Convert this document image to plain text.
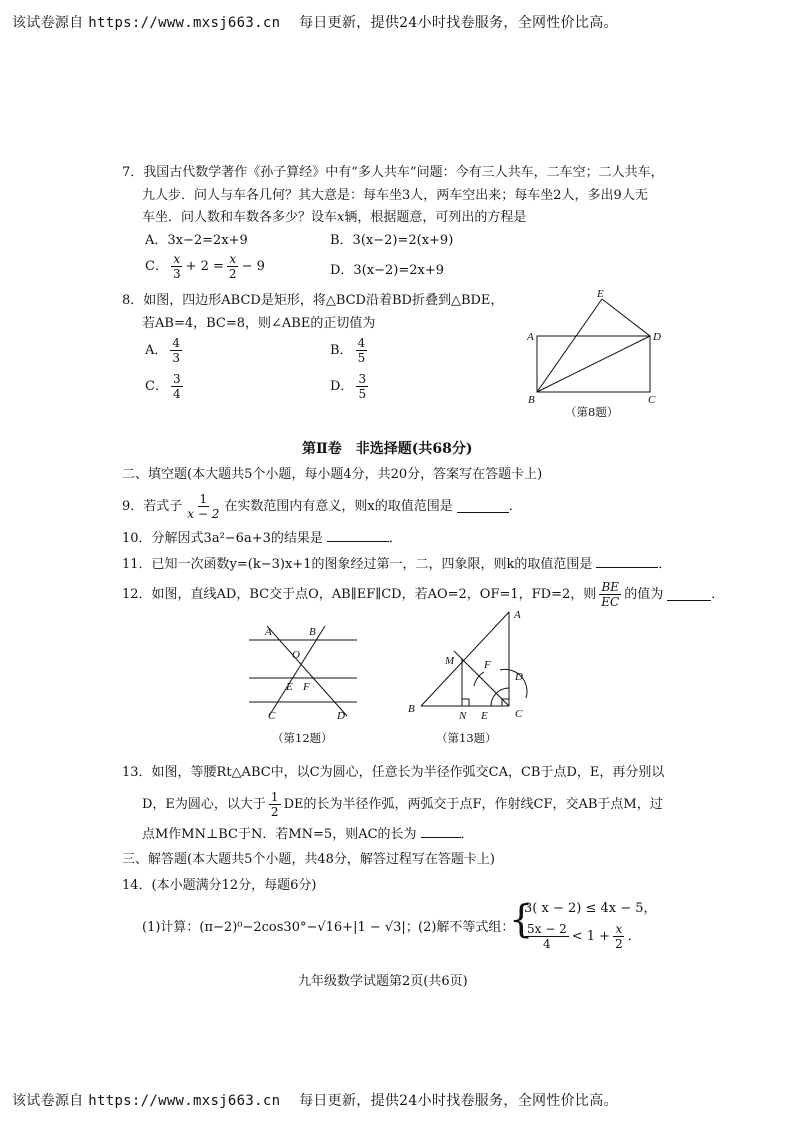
该试卷源自 https://www.mxsj663.cn 每日更新，提供24小时找卷服务，全网性价比高。
7．我国古代数学著作《孙子算经》中有“多人共车”问题：今有三人共车，二车空；二人共车，
九人步．问人与车各几何？其大意是：每车坐3人，两车空出来；每车坐2人，多出9人无
车坐．问人数和车数各多少？设车x辆，根据题意，可列出的方程是
A．3x−2=2x+9	B．3(x−2)=2(x+9)
C． $\frac{x}{3} + 2 = \frac{x}{2} - 9$	D．3(x−2)=2x+9
8．如图，四边形ABCD是矩形，将△BCD沿着BD折叠到△BDE，
若AB=4，BC=8，则∠ABE的正切值为
A． $\frac{4}{3}$	B． $\frac{4}{5}$
C． $\frac{3}{4}$	D． $\frac{3}{5}$
E
A	D
B	C
（第8题）
第Ⅱ卷　非选择题(共68分)
二、填空题(本大题共5个小题，每小题4分，共20分，答案写在答题卡上)
9．若式子 $\frac{1}{x - 2}$ 在实数范围内有意义，则x的取值范围是	．
10．分解因式3a²−6a+3的结果是	．
11．已知一次函数y=(k−3)x+1的图象经过第一，二，四象限，则k的取值范围是	．
12．如图，直线AD，BC交于点O，AB∥EF∥CD，若AO=2，OF=1，FD=2，则 $\frac{BE}{EC}$ 的值为	．
A	B
O
E F
C	D
（第12题）
A
M	F
D
B
N E C
（第13题）
13．如图，等腰Rt△ABC中，以C为圆心，任意长为半径作弧交CA，CB于点D，E，再分别以
D，E为圆心，以大于 $\frac{1}{2}$ DE的长为半径作弧，两弧交于点F，作射线CF，交AB于点M，过
点M作MN⊥BC于N．若MN=5，则AC的长为	．
三、解答题(本大题共5个小题，共48分，解答过程写在答题卡上)
14．(本小题满分12分，每题6分)
(1)计算：(π−2)⁰−2cos30°−√16+|1 − √3|； (2)解不等式组：
{
3( x − 2) ≤ 4x − 5，
$\frac{5x - 2}{4} < 1 + \frac{x}{2}$ ．
九年级数学试题第2页(共6页)
该试卷源自 https://www.mxsj663.cn 每日更新，提供24小时找卷服务，全网性价比高。
